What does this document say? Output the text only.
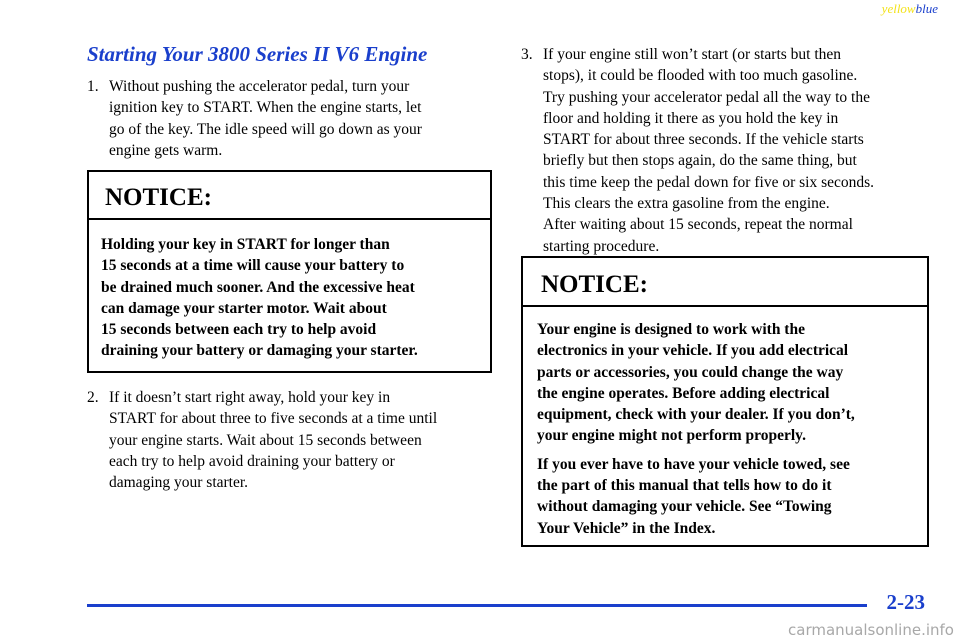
yellowblue
Starting Your 3800 Series II V6 Engine
1. Without pushing the accelerator pedal, turn your
ignition key to START. When the engine starts, let
go of the key. The idle speed will go down as your
engine gets warm.
NOTICE:

Holding your key in START for longer than
15 seconds at a time will cause your battery to
be drained much sooner. And the excessive heat
can damage your starter motor. Wait about
15 seconds between each try to help avoid
draining your battery or damaging your starter.

2. If it doesn’t start right away, hold your key in
START for about three to five seconds at a time until
your engine starts. Wait about 15 seconds between
each try to help avoid draining your battery or
damaging your starter.
3. If your engine still won’t start (or starts but then
stops), it could be flooded with too much gasoline.
Try pushing your accelerator pedal all the way to the
floor and holding it there as you hold the key in
START for about three seconds. If the vehicle starts
briefly but then stops again, do the same thing, but
this time keep the pedal down for five or six seconds.
This clears the extra gasoline from the engine.
After waiting about 15 seconds, repeat the normal
starting procedure.
NOTICE:

Your engine is designed to work with the
electronics in your vehicle. If you add electrical
parts or accessories, you could change the way
the engine operates. Before adding electrical
equipment, check with your dealer. If you don’t,
your engine might not perform properly.

If you ever have to have your vehicle towed, see
the part of this manual that tells how to do it
without damaging your vehicle. See “Towing
Your Vehicle” in the Index.

2-23
carmanualsonline.info
